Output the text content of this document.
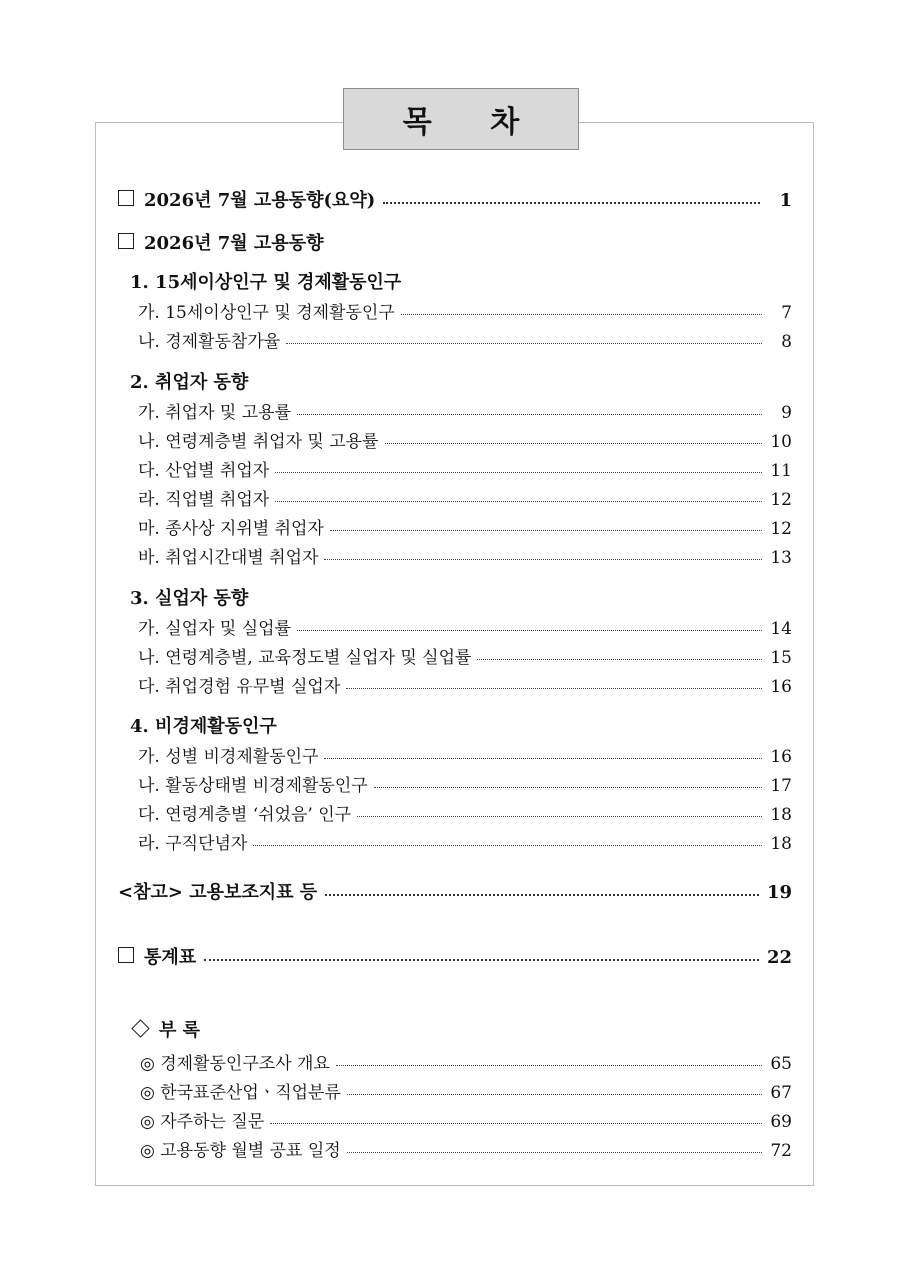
목 차
2026년 7월 고용동향(요약)	1
2026년 7월 고용동향
1. 15세이상인구 및 경제활동인구
가. 15세이상인구 및 경제활동인구	7
나. 경제활동참가율	8
2. 취업자 동향
가. 취업자 및 고용률	9
나. 연령계층별 취업자 및 고용률	10
다. 산업별 취업자	11
라. 직업별 취업자	12
마. 종사상 지위별 취업자	12
바. 취업시간대별 취업자	13
3. 실업자 동향
가. 실업자 및 실업률	14
나. 연령계층별, 교육정도별 실업자 및 실업률	15
다. 취업경험 유무별 실업자	16
4. 비경제활동인구
가. 성별 비경제활동인구	16
나. 활동상태별 비경제활동인구	17
다. 연령계층별 ‘쉬었음’ 인구	18
라. 구직단념자	18
<참고> 고용보조지표 등	19
통계표	22
부 록
◎ 경제활동인구조사 개요	65
◎ 한국표준산업ㆍ직업분류	67
◎ 자주하는 질문	69
◎ 고용동향 월별 공표 일정	72
